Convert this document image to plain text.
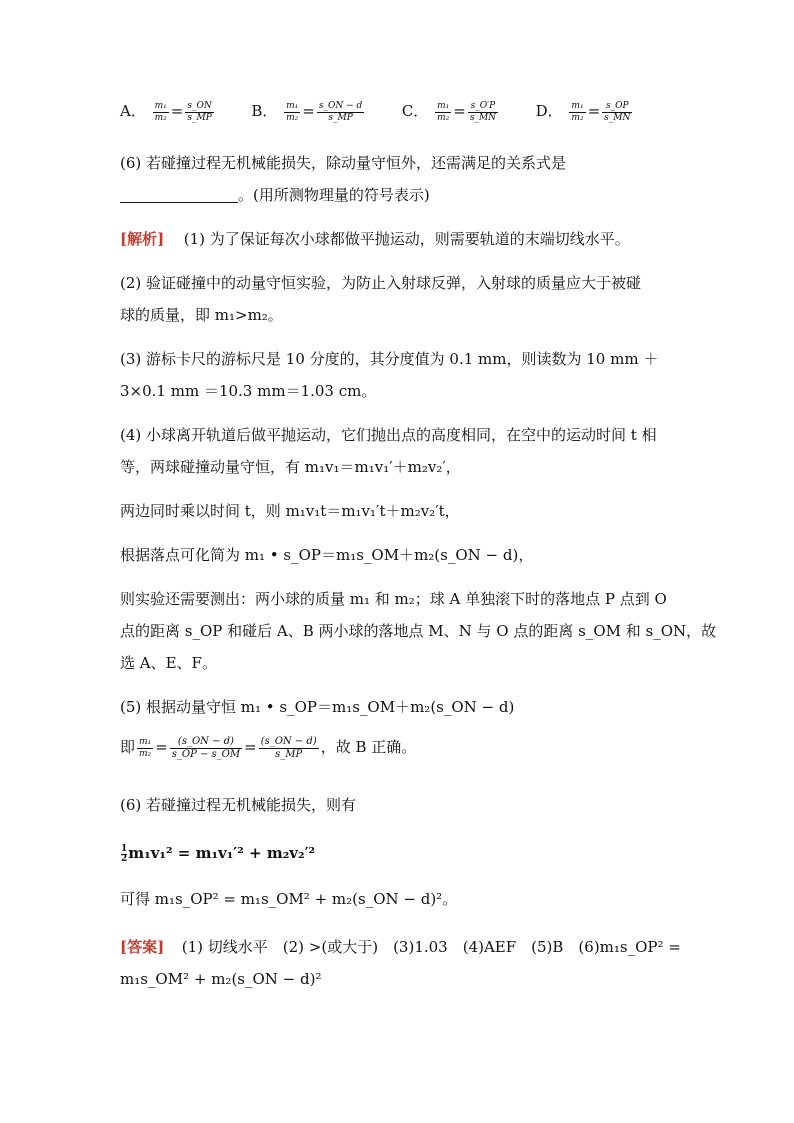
A． $\frac{\text{m₁}}{\text{m₂}} = \frac{s\_ON}{s\_MP}$	B． $\frac{\text{m₁}}{\text{m₂}} = \frac{s\_ON - d}{s\_MP}$	C． $\frac{\text{m₁}}{\text{m₂}} = \frac{s\_O'P}{s\_MN}$	D． $\frac{\text{m₁}}{\text{m₂}} = \frac{s\_OP}{s\_MN}$
(6) 若碰撞过程无机械能损失，除动量守恒外，还需满足的关系式是
。(用所测物理量的符号表示)
[解析] (1) 为了保证每次小球都做平抛运动，则需要轨道的末端切线水平。
(2) 验证碰撞中的动量守恒实验，为防止入射球反弹，入射球的质量应大于被碰
球的质量，即 m₁>m₂。
(3) 游标卡尺的游标尺是 10 分度的，其分度值为 0.1 mm，则读数为 10 mm ＋
3×0.1 mm ＝10.3 mm＝1.03 cm。
(4) 小球离开轨道后做平抛运动，它们抛出点的高度相同，在空中的运动时间 t 相
等，两球碰撞动量守恒，有 m₁v₁＝m₁v₁′＋m₂v₂′，
两边同时乘以时间 t，则 m₁v₁t＝m₁v₁′t＋m₂v₂′t，
根据落点可化简为 m₁ • s_OP＝m₁s_OM＋m₂(s_ON − d)，
则实验还需要测出：两小球的质量 m₁ 和 m₂；球 A 单独滚下时的落地点 P 点到 O
点的距离 s_OP 和碰后 A、B 两小球的落地点 M、N 与 O 点的距离 s_OM 和 s_ON，故
选 A、E、F。
(5) 根据动量守恒 m₁ • s_OP＝m₁s_OM＋m₂(s_ON − d)
即 $\frac{\text{m₁}}{\text{m₂}} = \frac{(s\_ON - d)}{s\_OP - s\_OM} = \frac{(s\_ON - d)}{s\_MP}$ ，故 B 正确。
(6) 若碰撞过程无机械能损失，则有
$\frac{1}{2} m_1v_1^2 = m_1v_1'^2 + m_2v_2'^2$
可得 m₁s_OP² = m₁s_OM² + m₂(s_ON − d)²。
[答案] (1) 切线水平　(2) >(或大于)　(3)1.03　(4)AEF　(5)B　(6)m₁s_OP² =
m₁s_OM² + m₂(s_ON − d)²
